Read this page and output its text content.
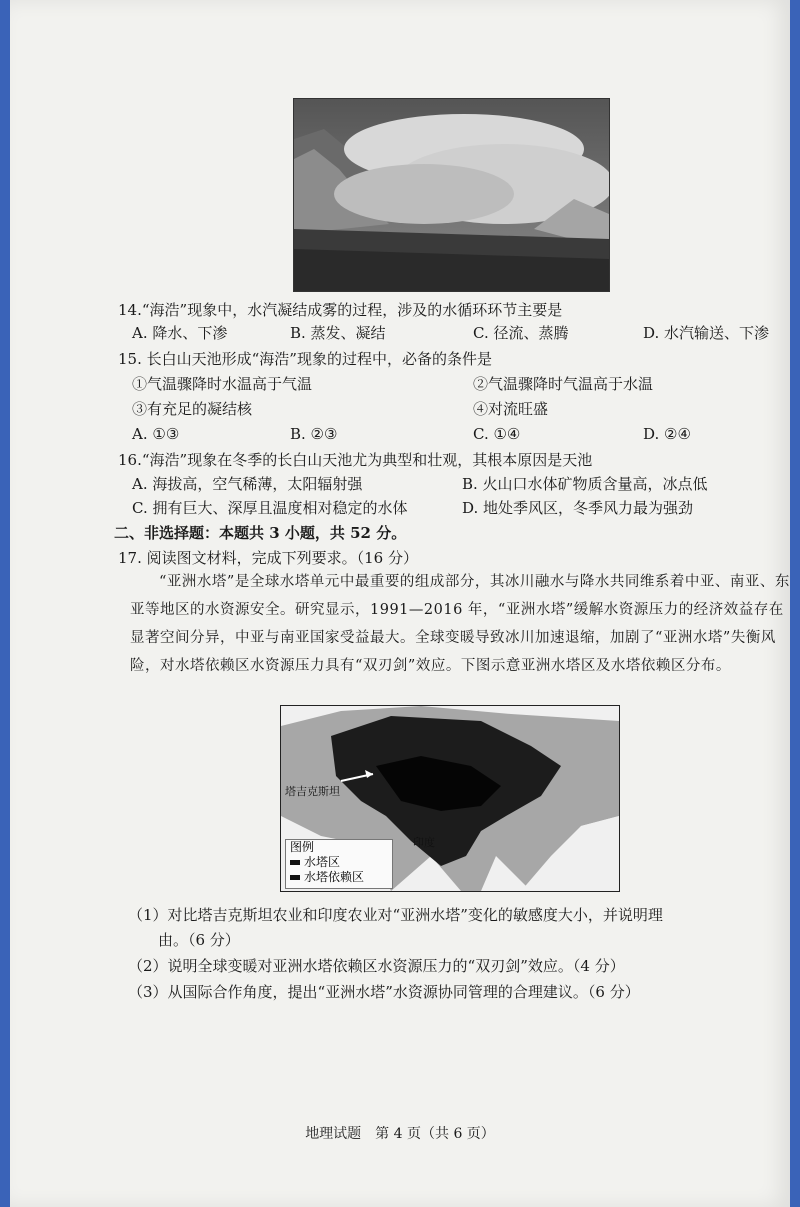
14.“海浩”现象中，水汽凝结成雾的过程，涉及的水循环环节主要是
A. 降水、下渗	B. 蒸发、凝结	C. 径流、蒸腾	D. 水汽输送、下渗
15. 长白山天池形成“海浩”现象的过程中，必备的条件是
①气温骤降时水温高于气温	②气温骤降时气温高于水温
③有充足的凝结核	④对流旺盛
A. ①③	B. ②③	C. ①④	D. ②④
16.“海浩”现象在冬季的长白山天池尤为典型和壮观，其根本原因是天池
A. 海拔高，空气稀薄，太阳辐射强	B. 火山口水体矿物质含量高，冰点低
C. 拥有巨大、深厚且温度相对稳定的水体	D. 地处季风区，冬季风力最为强劲
二、非选择题：本题共 3 小题，共 52 分。
17. 阅读图文材料，完成下列要求。（16 分）
“亚洲水塔”是全球水塔单元中最重要的组成部分，其冰川融水与降水共同维系着中亚、南亚、东亚等地区的水资源安全。研究显示，1991—2016 年，“亚洲水塔”缓解水资源压力的经济效益存在显著空间分异，中亚与南亚国家受益最大。全球变暖导致冰川加速退缩，加剧了“亚洲水塔”失衡风险，对水塔依赖区水资源压力具有“双刃剑”效应。下图示意亚洲水塔区及水塔依赖区分布。
塔吉克斯坦
印度
图例
水塔区
水塔依赖区
（1）对比塔吉克斯坦农业和印度农业对“亚洲水塔”变化的敏感度大小，并说明理
由。（6 分）
（2）说明全球变暖对亚洲水塔依赖区水资源压力的“双刃剑”效应。（4 分）
（3）从国际合作角度，提出“亚洲水塔”水资源协同管理的合理建议。（6 分）
地理试题　第 4 页（共 6 页）
